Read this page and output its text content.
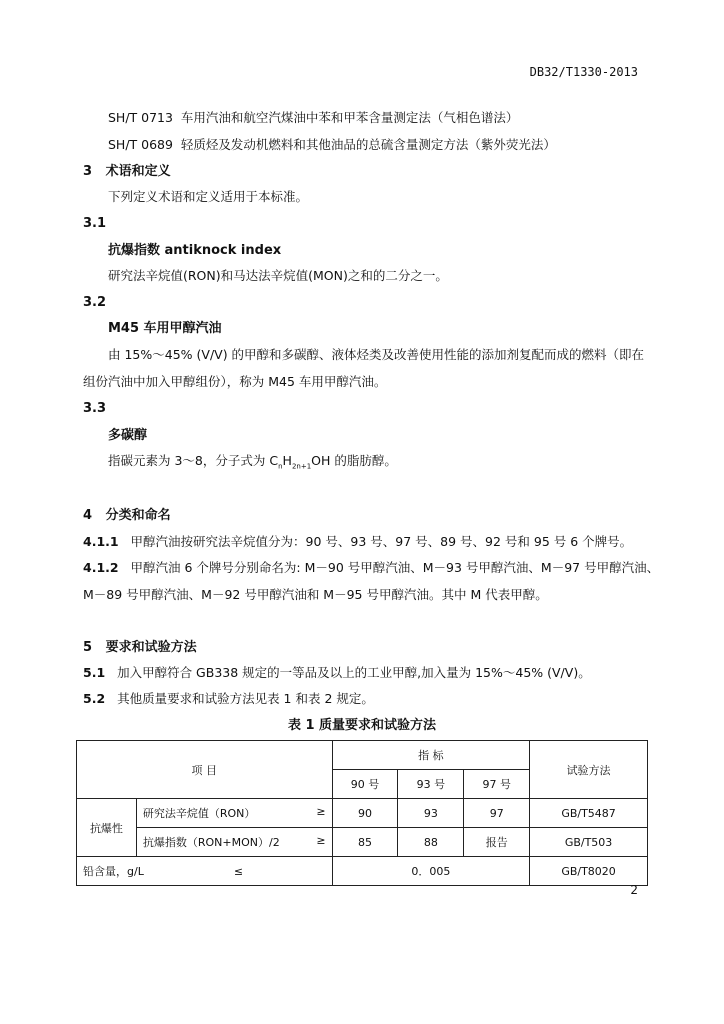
DB32/T1330-2013
SH/T 0713 车用汽油和航空汽煤油中苯和甲苯含量测定法（气相色谱法）
SH/T 0689 轻质烃及发动机燃料和其他油品的总硫含量测定方法（紫外荧光法）
3 术语和定义
下列定义术语和定义适用于本标准。
3.1
抗爆指数 antiknock index
研究法辛烷值(RON)和马达法辛烷值(MON)之和的二分之一。
3.2
M45 车用甲醇汽油
由 15%～45% (V/V) 的甲醇和多碳醇、液体烃类及改善使用性能的添加剂复配而成的燃料（即在
组份汽油中加入甲醇组份），称为 M45 车用甲醇汽油。
3.3
多碳醇
指碳元素为 3～8，分子式为 $C_nH_{2n+1}OH$ 的脂肪醇。
4 分类和命名
4.1.1 甲醇汽油按研究法辛烷值分为：90 号、93 号、97 号、89 号、92 号和 95 号 6 个牌号。
4.1.2 甲醇汽油 6 个牌号分别命名为: M－90 号甲醇汽油、M－93 号甲醇汽油、M－97 号甲醇汽油、
M－89 号甲醇汽油、M－92 号甲醇汽油和 M－95 号甲醇汽油。其中 M 代表甲醇。
5 要求和试验方法
5.1 加入甲醇符合 GB338 规定的一等品及以上的工业甲醇,加入量为 15%～45% (V/V)。
5.2 其他质量要求和试验方法见表 1 和表 2 规定。
表 1 质量要求和试验方法
项 目		指 标			试验方法
		90 号	93 号	97 号	
抗爆性	研究法辛烷值（RON） ≥	90	93	97	GB/T5487
	抗爆指数（RON+MON）/2 ≥	85	88	报告	GB/T503
铅含量，g/L ≤		0．005			GB/T8020
2
